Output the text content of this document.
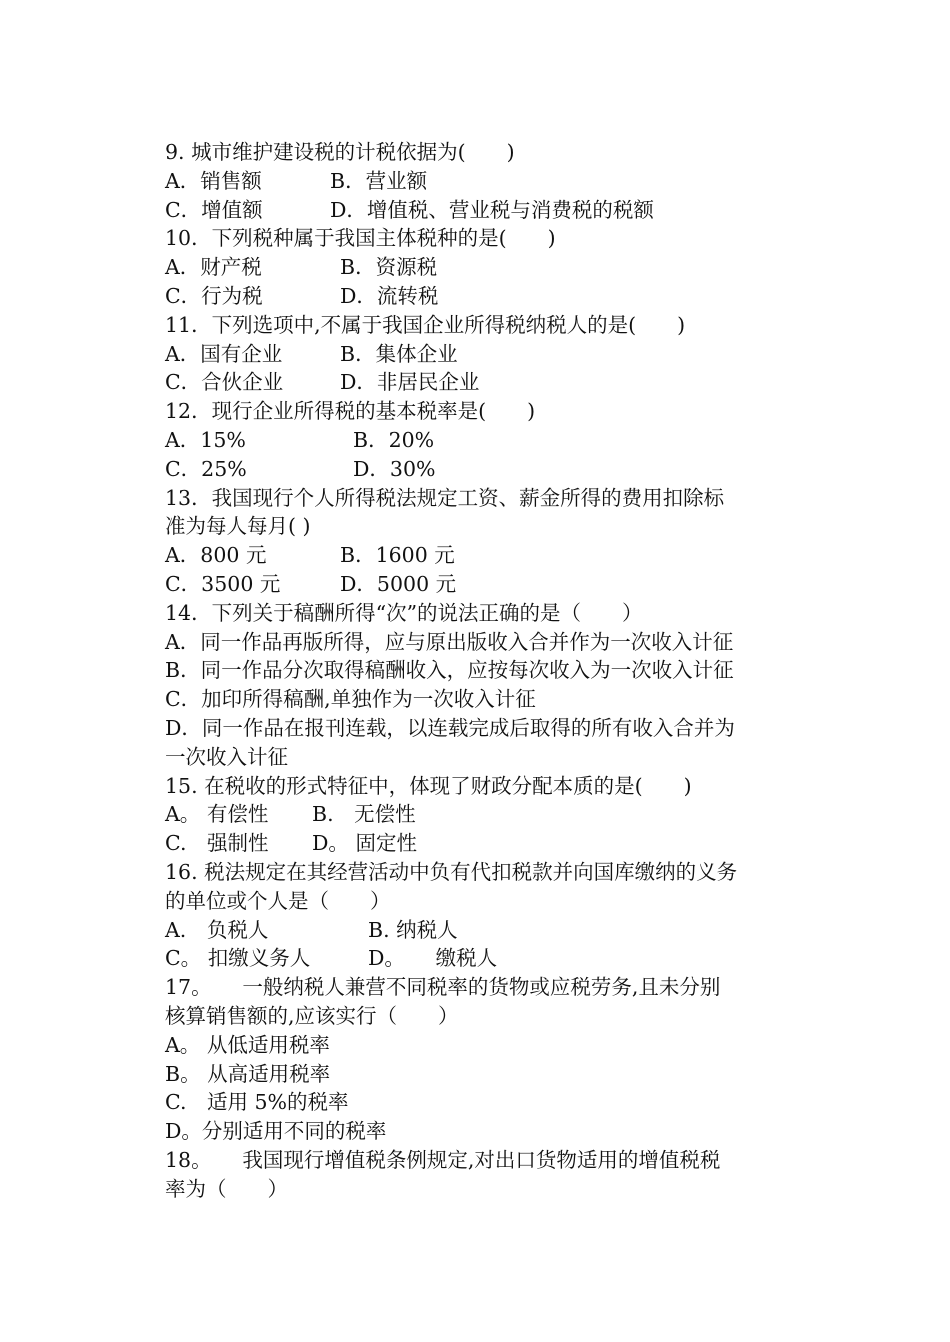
9. 城市维护建设税的计税依据为(　　)
A．销售额	B．营业额
C．增值额	D．增值税、营业税与消费税的税额
10．下列税种属于我国主体税种的是(　　)
A．财产税	B．资源税
C．行为税	D．流转税
11．下列选项中,不属于我国企业所得税纳税人的是(　　)
A．国有企业	B．集体企业
C．合伙企业	D．非居民企业
12．现行企业所得税的基本税率是(　　)
A．15%	B．20%
C．25%	D．30%
13．我国现行个人所得税法规定工资、薪金所得的费用扣除标
准为每人每月( )
A．800 元	B．1600 元
C．3500 元	D．5000 元
14．下列关于稿酬所得“次”的说法正确的是（　　）
A．同一作品再版所得，应与原出版收入合并作为一次收入计征
B．同一作品分次取得稿酬收入，应按每次收入为一次收入计征
C．加印所得稿酬,单独作为一次收入计征
D．同一作品在报刊连载，以连载完成后取得的所有收入合并为
一次收入计征
15. 在税收的形式特征中，体现了财政分配本质的是(　　)
A。 有偿性 B.　无偿性
C.　强制性 D。 固定性
16. 税法规定在其经营活动中负有代扣税款并向国库缴纳的义务
的单位或个人是（　　）
A.　负税人	B. 纳税人
C。 扣缴义务人	D。　　缴税人
17。　　一般纳税人兼营不同税率的货物或应税劳务,且未分别
核算销售额的,应该实行（　　）
A。 从低适用税率
B。 从高适用税率
C.　适用 5%的税率
D。分别适用不同的税率
18。　　我国现行增值税条例规定,对出口货物适用的增值税税
率为（　　）
